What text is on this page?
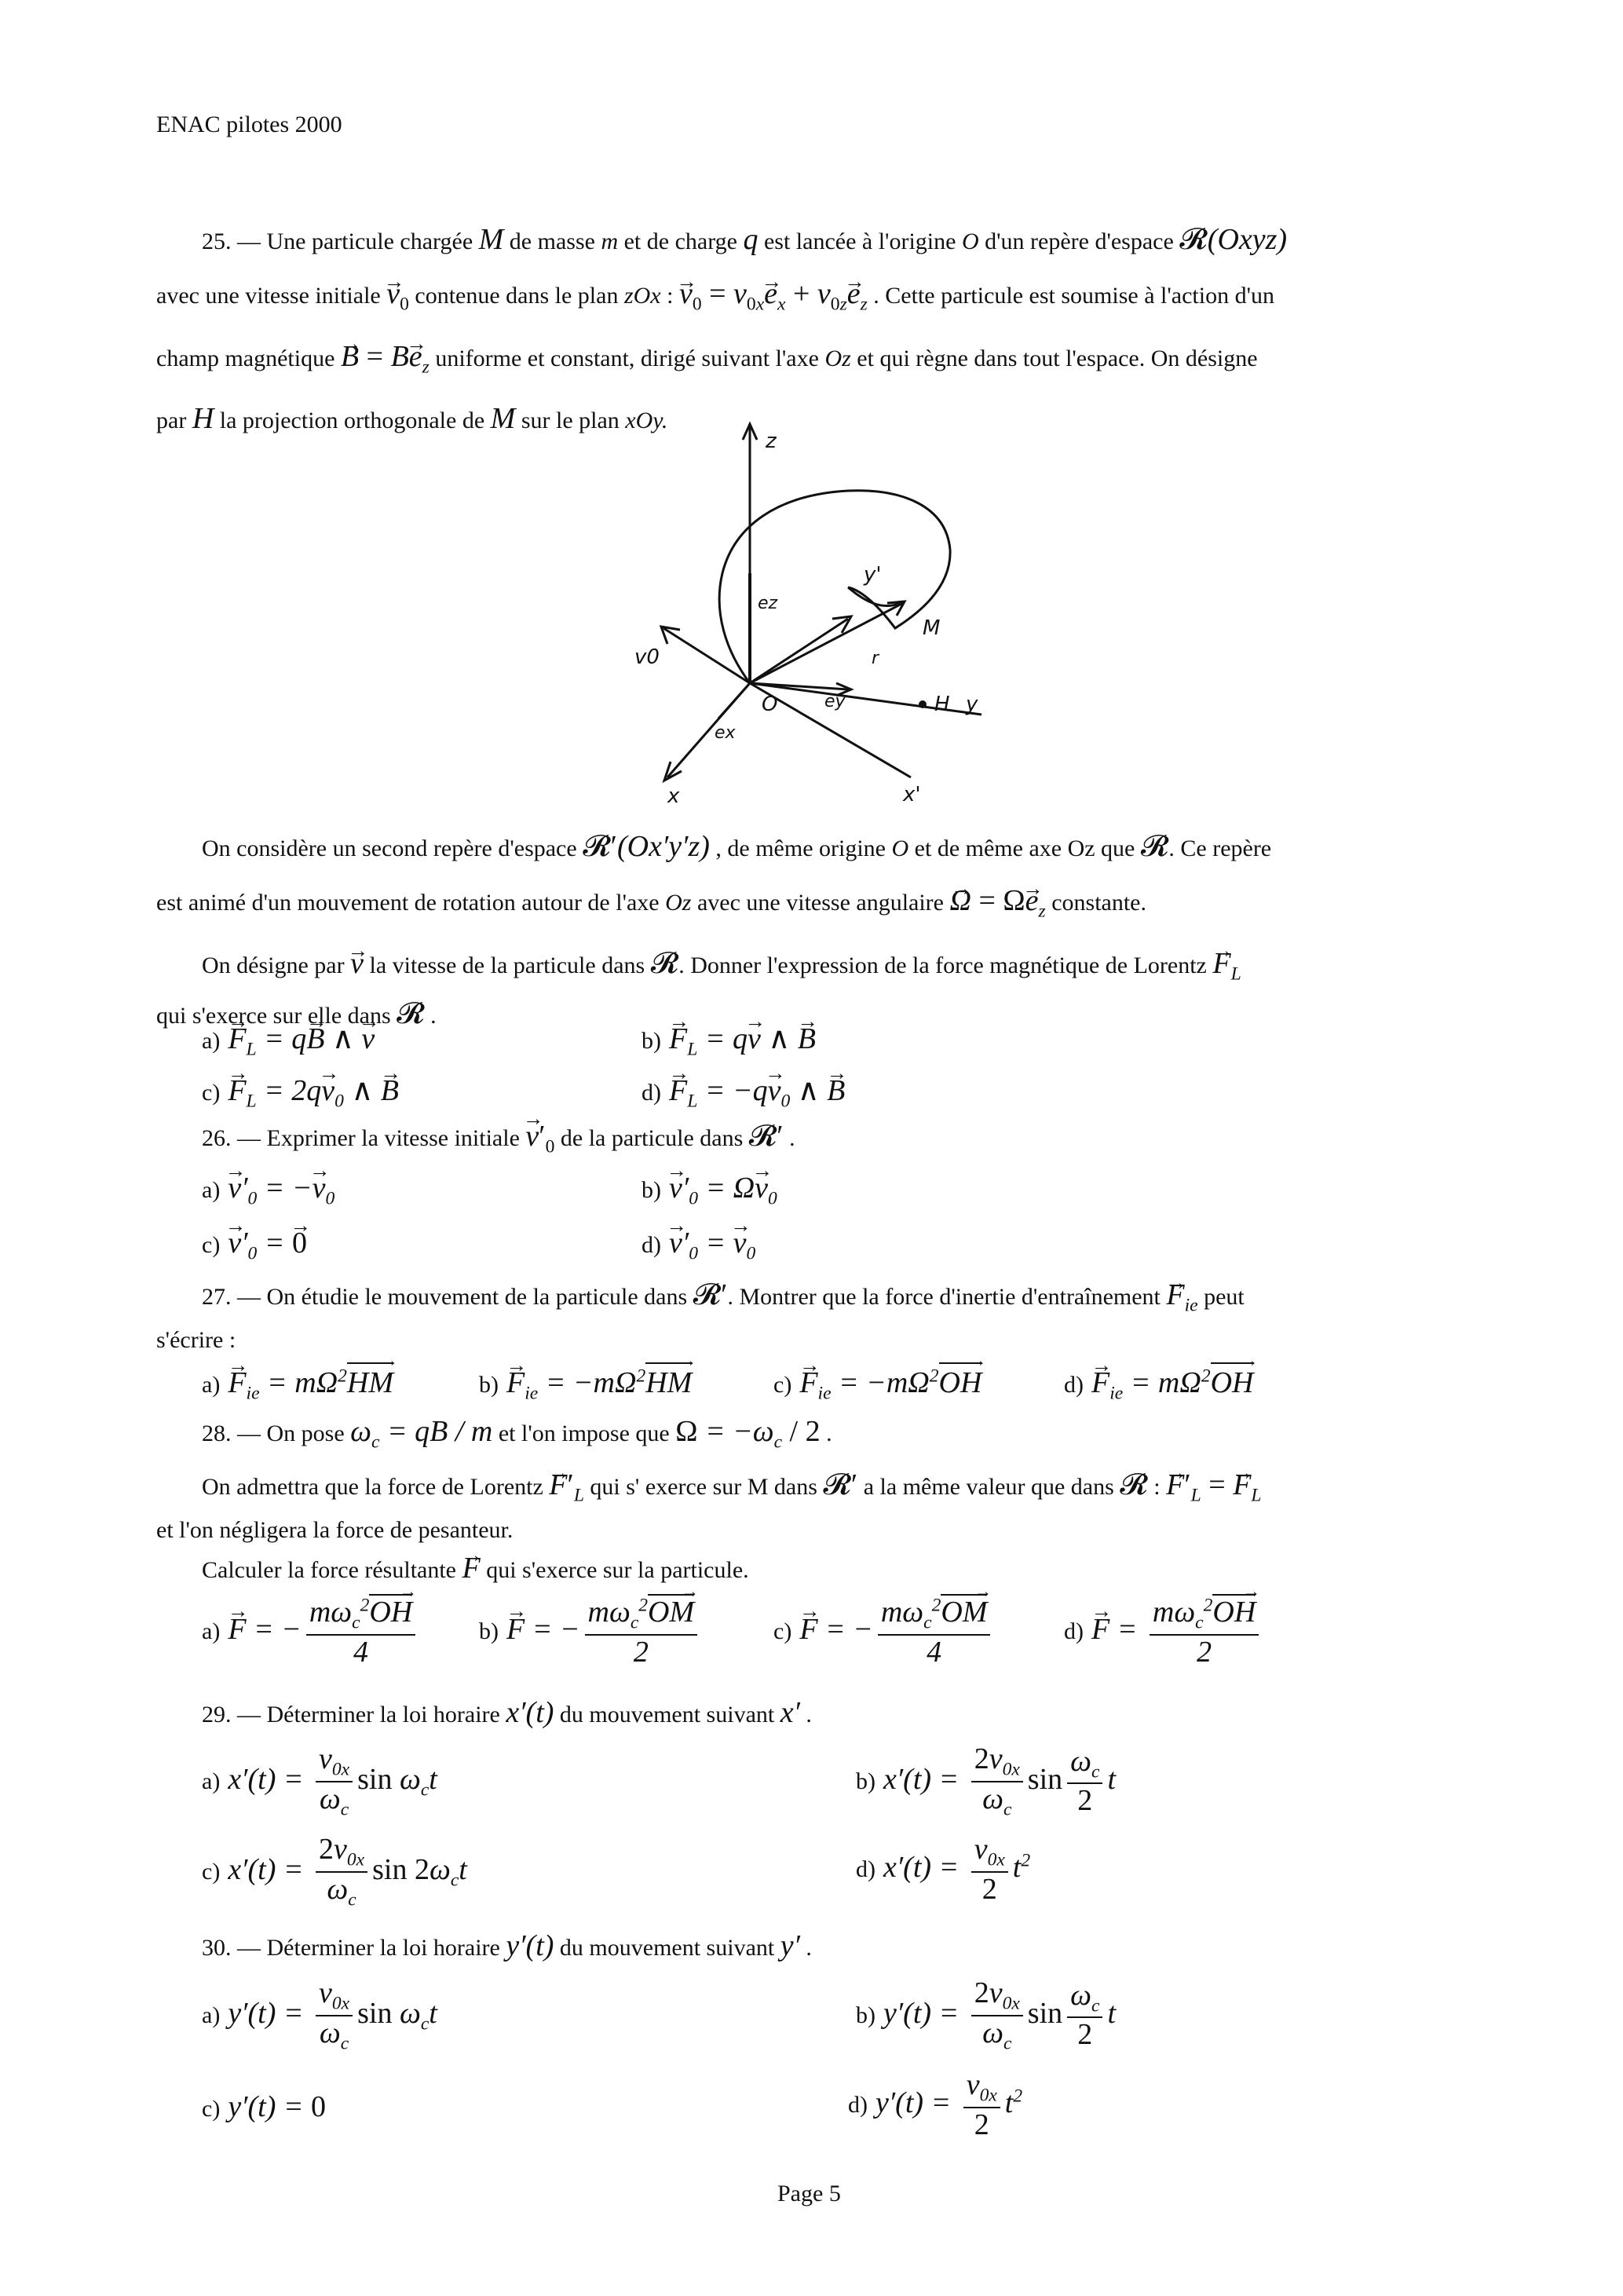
ENAC pilotes 2000
25. — Une particule chargée M de masse m et de charge q est lancée à l'origine O d'un repère d'espace 𝓡(Oxyz)
avec une vitesse initiale → $v_0$ contenue dans le plan zOx : → $v_0 = v_{0x}\to e_x + v_{0z}\to e_z$ . Cette particule est soumise à l'action d'un
champ magnétique → $B = B\to e_z$ uniforme et constant, dirigé suivant l'axe Oz et qui règne dans tout l'espace. On désigne
par H la projection orthogonale de M sur le plan xOy.
z
y'
M
v0
ez
r
O	ey	H y
ex
x	x'
On considère un second repère d'espace 𝓡′(Ox′y′z) , de même origine O et de même axe Oz que 𝓡. Ce repère
est animé d'un mouvement de rotation autour de l'axe Oz avec une vitesse angulaire → $\Omega = \Omega\to e_z$ constante.
On désigne par → v la vitesse de la particule dans 𝓡. Donner l'expression de la force magnétique de Lorentz → $F_L$
qui s'exerce sur elle dans 𝓡 .
$a) \to F_L = q\to B$ ∧ → v	$b) \to F_L = q\to v$ ∧ → B
$c) \to F_L = 2q\to v_0$ ∧ → B	$d) \to F_L = -q\to v_0$ ∧ → B
26. — Exprimer la vitesse initiale → $v'_0$ de la particule dans 𝓡′ .
$a) \to v'_0$ = −→ $v_0$	$b) \to v'_0 = \Omega\to v_0$
$c) \to v'_0$ = → 0	$d) \to v'_0$ = → $v_0$
27. — On étudie le mouvement de la particule dans 𝓡′. Montrer que la force d'inertie d'entraînement → $F_{ie}$ peut
s'écrire :
$a) \to F_{ie} = m\Omega^2HM$ →	$b) \to F_{ie} = -m\Omega^2HM$ →	$c) \to F_{ie} = -m\Omega^2OH$ →	$d) \to F_{ie} = m\Omega^2OH$ →
28. — On pose $\omega_c$ = qB / m et l'on impose que $\Omega = -\omega_c / 2$ .
On admettra que la force de Lorentz → $F'_L$ qui s' exerce sur M dans 𝓡′ a la même valeur que dans 𝓡 : → $F'_L$ = → $F_L$
et l'on négligera la force de pesanteur.
Calculer la force résultante → F qui s'exerce sur la particule.
a) → F = − $\frac{m\omega_c^2OH \to}{4}$	b) → F = − $\frac{m\omega_c^2OM \to}{2}$	c) → F = − $\frac{m\omega_c^2OM \to}{4}$	$d) \to F = \frac{m\omega_c^2OH \to}{2}$
29. — Déterminer la loi horaire x′(t) du mouvement suivant x′ .
a) $x'(t) = \frac{v_{0x}}{\omega_c}$ $\sin \omega_ct$	b) $x'(t) = \frac{2v_{0x}}{\omega_c}$ $\sin \frac{\omega_c}{2}$ t
c) $x'(t) = \frac{2v_{0x}}{\omega_c}$ $\sin 2\omega_ct$	d) $x'(t) = \frac{v_{0x}}{2} t^2$
30. — Déterminer la loi horaire y′(t) du mouvement suivant y′ .
a) $y'(t) = \frac{v_{0x}}{\omega_c}$ $\sin \omega_ct$	b) $y'(t) = \frac{2v_{0x}}{\omega_c}$ $\sin \frac{\omega_c}{2}$ t
c) y′(t) = 0	d) $y'(t) = \frac{v_{0x}}{2} t^2$
Page 5
